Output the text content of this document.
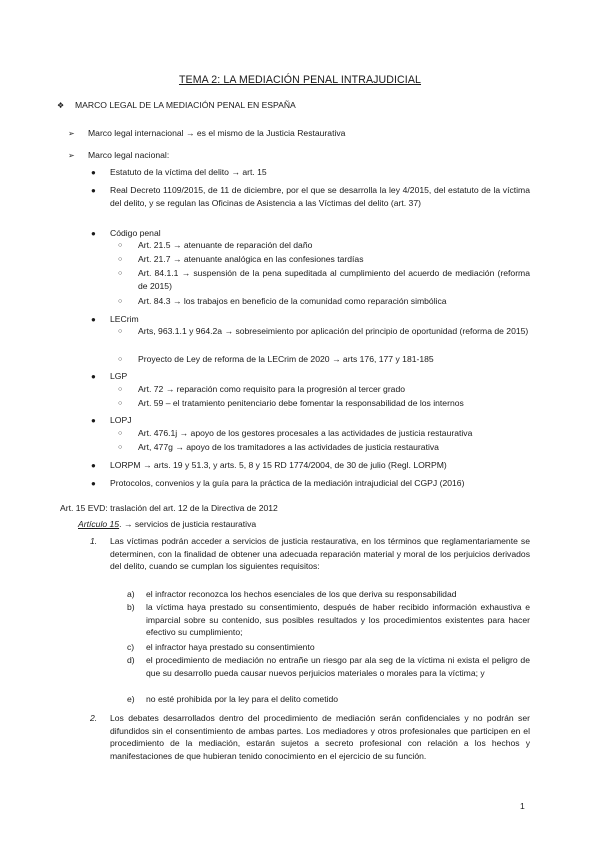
TEMA 2: LA MEDIACIÓN PENAL INTRAJUDICIAL
❖ MARCO LEGAL DE LA MEDIACIÓN PENAL EN ESPAÑA
➢ Marco legal internacional → es el mismo de la Justicia Restaurativa
➢ Marco legal nacional:
● Estatuto de la víctima del delito → art. 15
● Real Decreto 1109/2015, de 11 de diciembre, por el que se desarrolla la ley 4/2015, del estatuto de la víctima del delito, y se regulan las Oficinas de Asistencia a las Víctimas del delito (art. 37)
● Código penal
○ Art. 21.5 → atenuante de reparación del daño
○ Art. 21.7 → atenuante analógica en las confesiones tardías
○ Art. 84.1.1 → suspensión de la pena supeditada al cumplimiento del acuerdo de mediación (reforma de 2015)
○ Art. 84.3 → los trabajos en beneficio de la comunidad como reparación simbólica
● LECrim
○ Arts, 963.1.1 y 964.2a → sobreseimiento por aplicación del principio de oportunidad (reforma de 2015)
○ Proyecto de Ley de reforma de la LECrim de 2020 → arts 176, 177 y 181-185
● LGP
○ Art. 72 → reparación como requisito para la progresión al tercer grado
○ Art. 59 – el tratamiento penitenciario debe fomentar la responsabilidad de los internos
● LOPJ
○ Art. 476.1j → apoyo de los gestores procesales a las actividades de justicia restaurativa
○ Art, 477g → apoyo de los tramitadores a las actividades de justicia restaurativa
● LORPM → arts. 19 y 51.3, y arts. 5, 8 y 15 RD 1774/2004, de 30 de julio (Regl. LORPM)
● Protocolos, convenios y la guía para la práctica de la mediación intrajudicial del CGPJ (2016)
Art. 15 EVD: traslación del art. 12 de la Directiva de 2012
Artículo 15. → servicios de justicia restaurativa
1. Las víctimas podrán acceder a servicios de justicia restaurativa, en los términos que reglamentariamente se determinen, con la finalidad de obtener una adecuada reparación material y moral de los perjuicios derivados del delito, cuando se cumplan los siguientes requisitos:
a) el infractor reconozca los hechos esenciales de los que deriva su responsabilidad
b) la víctima haya prestado su consentimiento, después de haber recibido información exhaustiva e imparcial sobre su contenido, sus posibles resultados y los procedimientos existentes para hacer efectivo su cumplimiento;
c) el infractor haya prestado su consentimiento
d) el procedimiento de mediación no entrañe un riesgo par ala seg de la víctima ni exista el peligro de que su desarrollo pueda causar nuevos perjuicios materiales o morales para la víctima; y
e) no esté prohibida por la ley para el delito cometido
2. Los debates desarrollados dentro del procedimiento de mediación serán confidenciales y no podrán ser difundidos sin el consentimiento de ambas partes. Los mediadores y otros profesionales que participen en el procedimiento de la mediación, estarán sujetos a secreto profesional con relación a los hechos y manifestaciones de que hubieran tenido conocimiento en el ejercicio de su función.
1
